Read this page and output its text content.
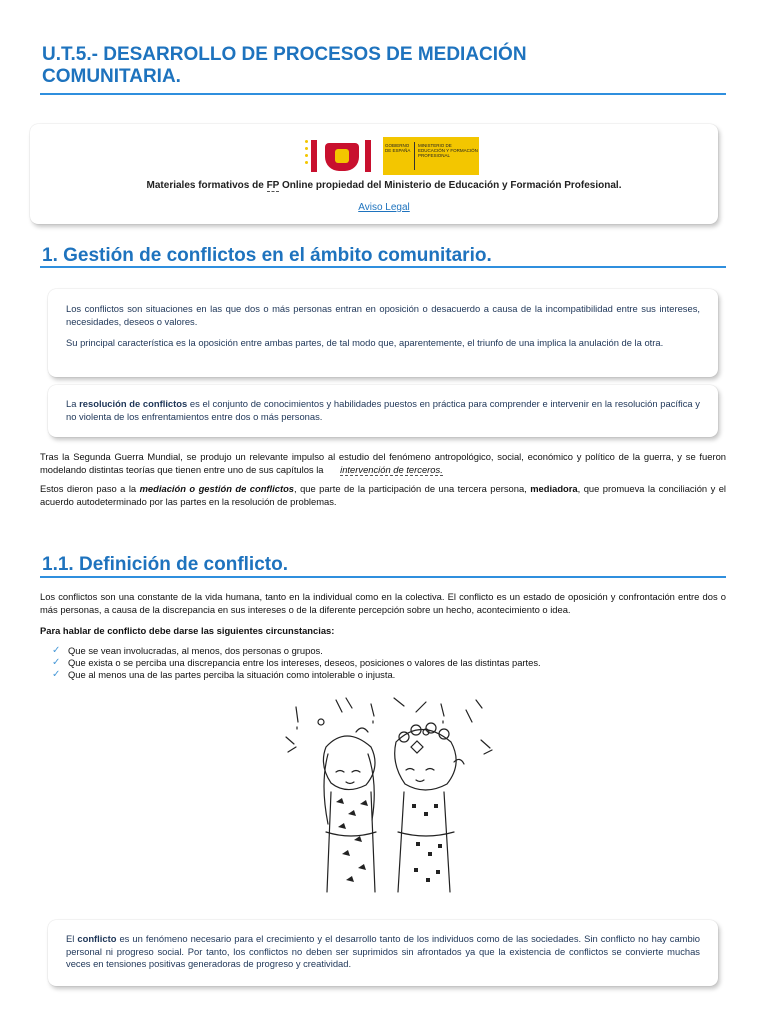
U.T.5.- DESARROLLO DE PROCESOS DE MEDIACIÓN
COMUNITARIA.
GOBIERNO DE ESPAÑA
MINISTERIO DE EDUCACIÓN Y FORMACIÓN PROFESIONAL
Materiales formativos de FP Online propiedad del Ministerio de Educación y Formación Profesional.
Aviso Legal
1. Gestión de conflictos en el ámbito comunitario.

Los conflictos son situaciones en las que dos o más personas entran en oposición o desacuerdo a causa de la incompatibilidad entre sus intereses, necesidades, deseos o valores.

Su principal característica es la oposición entre ambas partes, de tal modo que, aparentemente, el triunfo de una implica la anulación de la otra.

La resolución de conflictos es el conjunto de conocimientos y habilidades puestos en práctica para comprender e intervenir en la resolución pacífica y no violenta de los enfrentamientos entre dos o más personas.

Tras la Segunda Guerra Mundial, se produjo un relevante impulso al estudio del fenómeno antropológico, social, económico y político de la guerra, y se fueron modelando distintas teorías que tienen entre uno de sus capítulos la intervención de terceros.

Estos dieron paso a la mediación o gestión de conflictos, que parte de la participación de una tercera persona, mediadora, que promueva la conciliación y el acuerdo autodeterminado por las partes en la resolución de problemas.

1.1. Definición de conflicto.

Los conflictos son una constante de la vida humana, tanto en la individual como en la colectiva. El conflicto es un estado de oposición y confrontación entre dos o más personas, a causa de la discrepancia en sus intereses o de la diferente percepción sobre un hecho, acontecimiento o idea.

Para hablar de conflicto debe darse las siguientes circunstancias:

✓ Que se vean involucradas, al menos, dos personas o grupos.
✓ Que exista o se perciba una discrepancia entre los intereses, deseos, posiciones o valores de las distintas partes.
✓ Que al menos una de las partes perciba la situación como intolerable o injusta.

El conflicto es un fenómeno necesario para el crecimiento y el desarrollo tanto de los individuos como de las sociedades. Sin conflicto no hay cambio personal ni progreso social. Por tanto, los conflictos no deben ser suprimidos sin afrontados ya que la existencia de conflictos se convierte muchas veces en tensiones positivas generadoras de progreso y creatividad.
